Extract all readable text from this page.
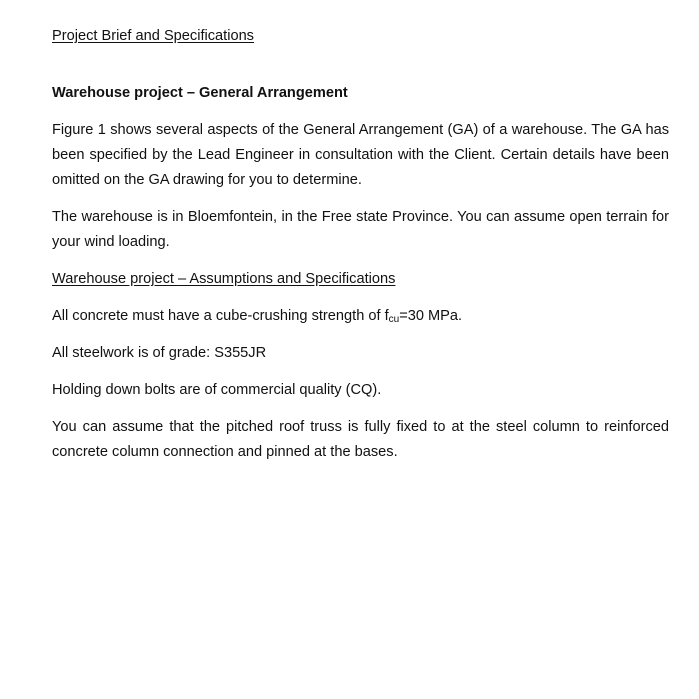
Project Brief and Specifications

Warehouse project – General Arrangement

Figure 1 shows several aspects of the General Arrangement (GA) of a warehouse. The GA has been specified by the Lead Engineer in consultation with the Client. Certain details have been omitted on the GA drawing for you to determine.

The warehouse is in Bloemfontein, in the Free state Province. You can assume open terrain for your wind loading.

Warehouse project – Assumptions and Specifications

All concrete must have a cube-crushing strength of $f_{cu}=30$ MPa.

All steelwork is of grade: S355JR

Holding down bolts are of commercial quality (CQ).

You can assume that the pitched roof truss is fully fixed to at the steel column to reinforced concrete column connection and pinned at the bases.
